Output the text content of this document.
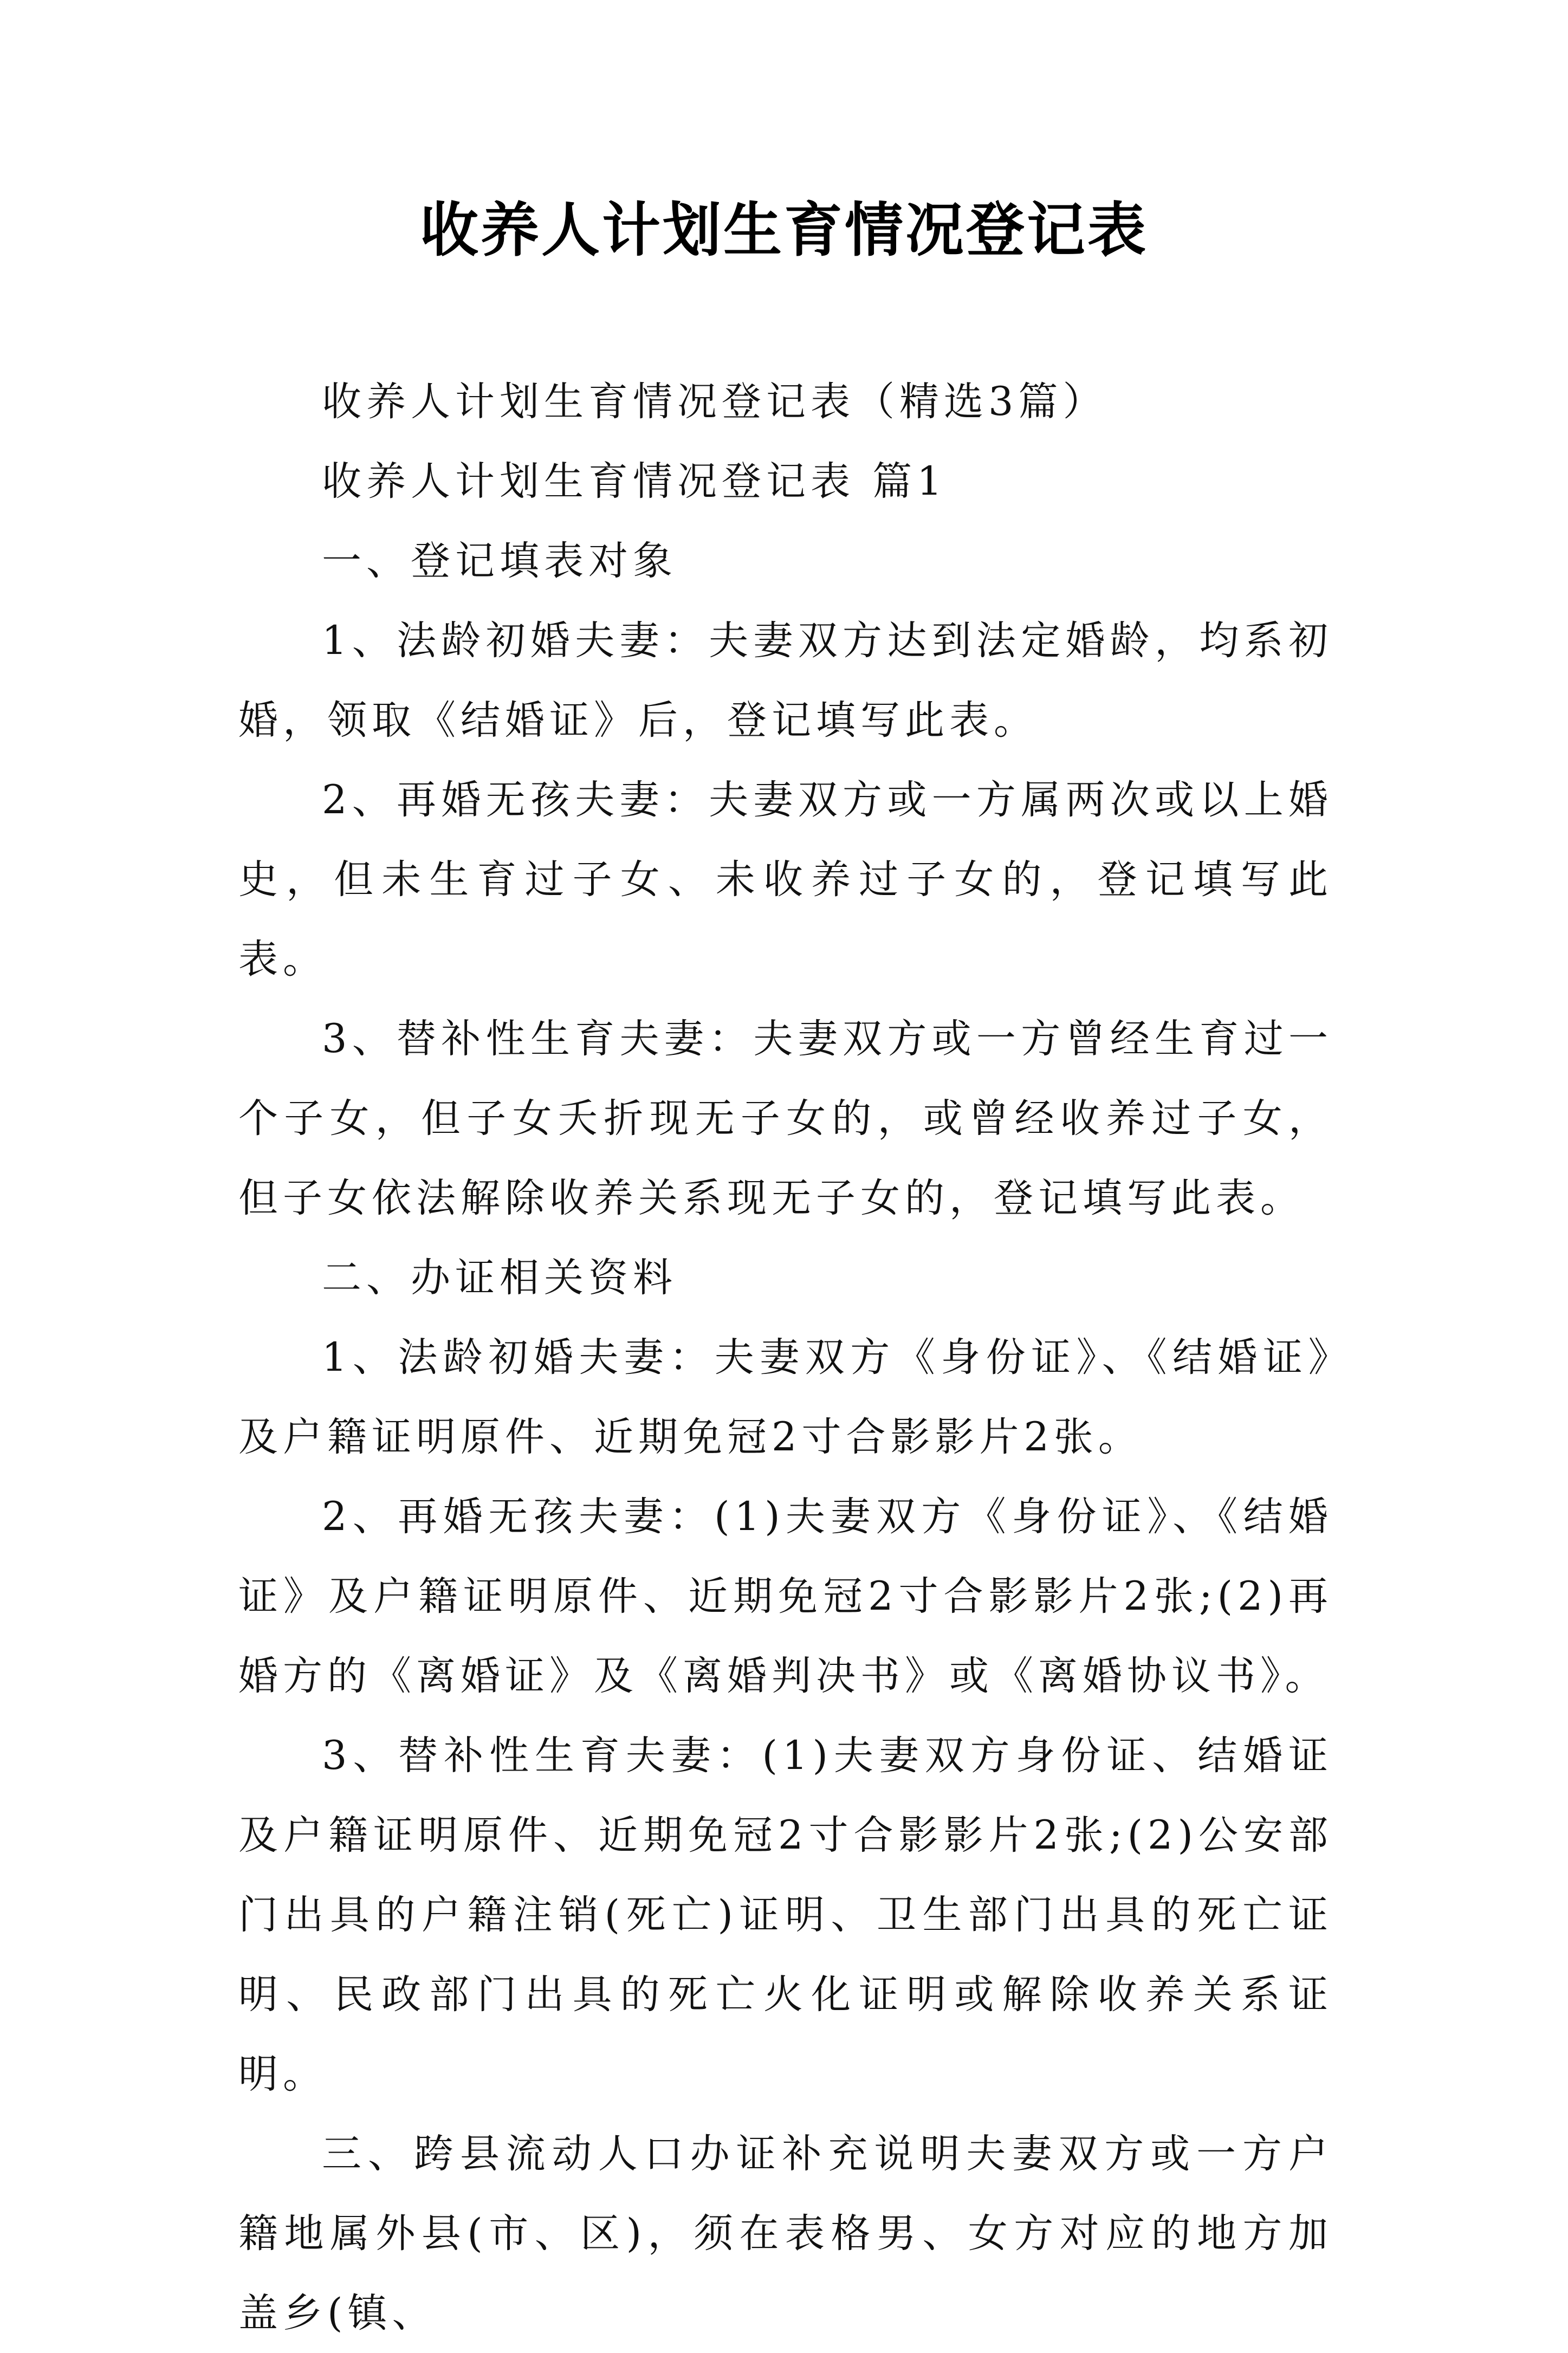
收养人计划生育情况登记表

收养人计划生育情况登记表（精选3篇）

收养人计划生育情况登记表 篇1

一、登记填表对象

1、法龄初婚夫妻：夫妻双方达到法定婚龄，均系初婚，领取《结婚证》后，登记填写此表。

2、再婚无孩夫妻：夫妻双方或一方属两次或以上婚史，但未生育过子女、未收养过子女的，登记填写此表。

3、替补性生育夫妻：夫妻双方或一方曾经生育过一个子女，但子女夭折现无子女的，或曾经收养过子女，但子女依法解除收养关系现无子女的，登记填写此表。

二、办证相关资料

1、法龄初婚夫妻：夫妻双方《身份证》、《结婚证》及户籍证明原件、近期免冠2寸合影影片2张。

2、再婚无孩夫妻：(1)夫妻双方《身份证》、《结婚证》及户籍证明原件、近期免冠2寸合影影片2张;(2)再婚方的《离婚证》及《离婚判决书》或《离婚协议书》。

3、替补性生育夫妻：(1)夫妻双方身份证、结婚证及户籍证明原件、近期免冠2寸合影影片2张;(2)公安部门出具的户籍注销(死亡)证明、卫生部门出具的死亡证明、民政部门出具的死亡火化证明或解除收养关系证明。

三、跨县流动人口办证补充说明夫妻双方或一方户籍地属外县(市、区)，须在表格男、女方对应的地方加盖乡(镇、
